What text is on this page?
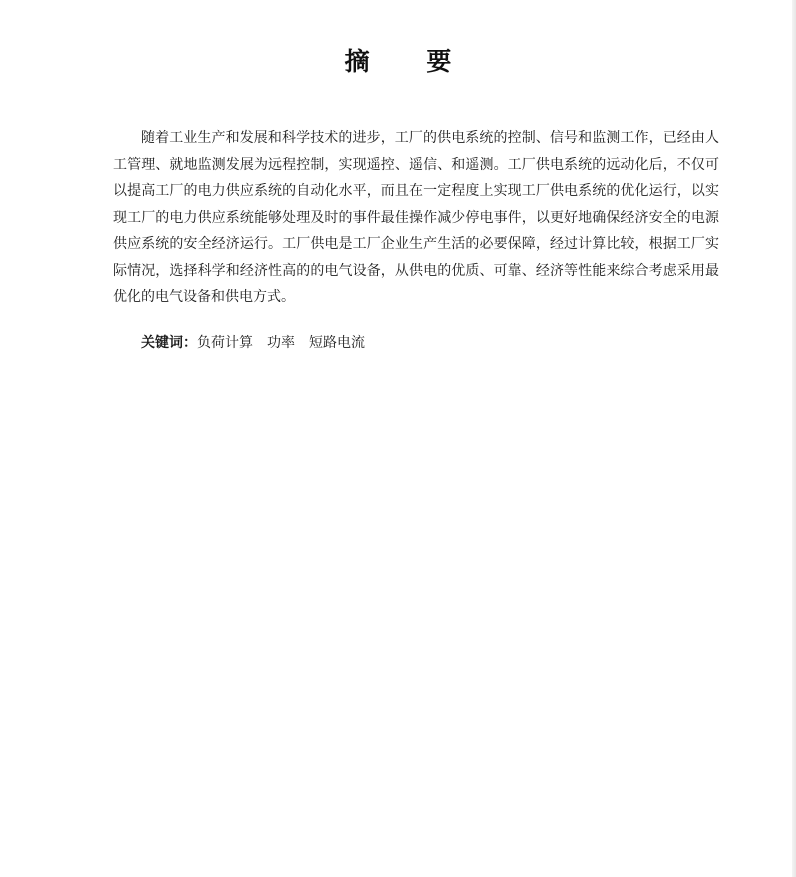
摘 要

随着工业生产和发展和科学技术的进步，工厂的供电系统的控制、信号和监测工作，已经由人工管理、就地监测发展为远程控制，实现遥控、遥信、和遥测。工厂供电系统的远动化后，不仅可以提高工厂的电力供应系统的自动化水平，而且在一定程度上实现工厂供电系统的优化运行，以实现工厂的电力供应系统能够处理及时的事件最佳操作减少停电事件，以更好地确保经济安全的电源供应系统的安全经济运行。工厂供电是工厂企业生产生活的必要保障，经过计算比较，根据工厂实际情况，选择科学和经济性高的的电气设备，从供电的优质、可靠、经济等性能来综合考虑采用最优化的电气设备和供电方式。

关键词：负荷计算 功率 短路电流
